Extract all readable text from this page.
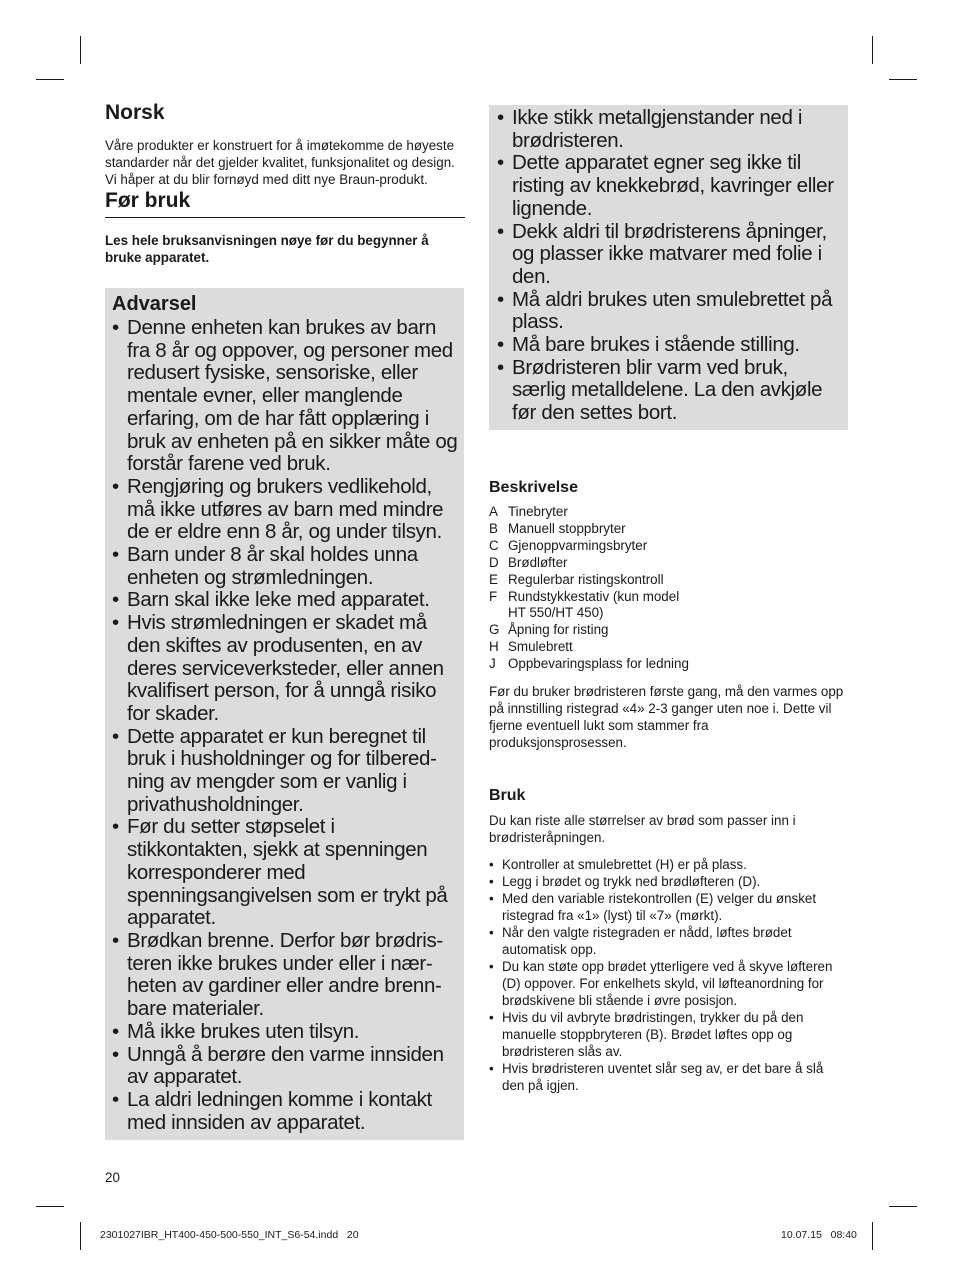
Norsk

Våre produkter er konstruert for å imøtekomme de høyeste standarder når det gjelder kvalitet, funksjonalitet og design. Vi håper at du blir fornøyd med ditt nye Braun-produkt.

Før bruk

Les hele bruksanvisningen nøye før du begynner å bruke apparatet.

Advarsel
• Denne enheten kan brukes av barn fra 8 år og oppover, og personer med redusert fysiske, sensoriske, eller mentale evner, eller manglende erfaring, om de har fått opplæring i bruk av enheten på en sikker måte og forstår farene ved bruk.
• Rengjøring og brukers vedlikehold, må ikke utføres av barn med mindre de er eldre enn 8 år, og under tilsyn.
• Barn under 8 år skal holdes unna enheten og strømledningen.
• Barn skal ikke leke med apparatet.
• Hvis strømledningen er skadet må den skiftes av produsenten, en av deres serviceverksteder, eller annen kvalifisert person, for å unngå risiko for skader.
• Dette apparatet er kun beregnet til bruk i husholdninger og for tilbered-ning av mengder som er vanlig i privathusholdninger.
• Før du setter støpselet i stikkontakten, sjekk at spenningen korresponderer med spenningsangivelsen som er trykt på apparatet.
• Brødkan brenne. Derfor bør brødris-teren ikke brukes under eller i nær-heten av gardiner eller andre brenn-bare materialer.
• Må ikke brukes uten tilsyn.
• Unngå å berøre den varme innsiden av apparatet.
• La aldri ledningen komme i kontakt med innsiden av apparatet.
• Ikke stikk metallgjenstander ned i brødristeren.
• Dette apparatet egner seg ikke til risting av knekkebrød, kavringer eller lignende.
• Dekk aldri til brødristerens åpninger, og plasser ikke matvarer med folie i den.
• Må aldri brukes uten smulebrettet på plass.
• Må bare brukes i stående stilling.
• Brødristeren blir varm ved bruk, særlig metalldelene. La den avkjøle før den settes bort.
Beskrivelse
A Tinebryter
B Manuell stoppbryter
C Gjenoppvarmingsbryter
D Brødløfter
E Regulerbar ristingskontroll
F Rundstykkestativ (kun model HT 550/HT 450)
G Åpning for risting
H Smulebrett
J Oppbevaringsplass for ledning

Før du bruker brødristeren første gang, må den varmes opp på innstilling ristegrad «4» 2-3 ganger uten noe i. Dette vil fjerne eventuell lukt som stammer fra produksjonsprosessen.

Bruk

Du kan riste alle størrelser av brød som passer inn i brødristeråpningen.

• Kontroller at smulebrettet (H) er på plass.
• Legg i brødet og trykk ned brødløfteren (D).
• Med den variable ristekontrollen (E) velger du ønsket ristegrad fra «1» (lyst) til «7» (mørkt).
• Når den valgte ristegraden er nådd, løftes brødet automatisk opp.
• Du kan støte opp brødet ytterligere ved å skyve løfteren (D) oppover. For enkelhets skyld, vil løfteanordning for brødskivene bli stående i øvre posisjon.
• Hvis du vil avbryte brødristingen, trykker du på den manuelle stoppbryteren (B). Brødet løftes opp og brødristeren slås av.
• Hvis brødristeren uventet slår seg av, er det bare å slå den på igjen.
20
2301027IBR_HT400-450-500-550_INT_S6-54.indd   20	10.07.15   08:40
